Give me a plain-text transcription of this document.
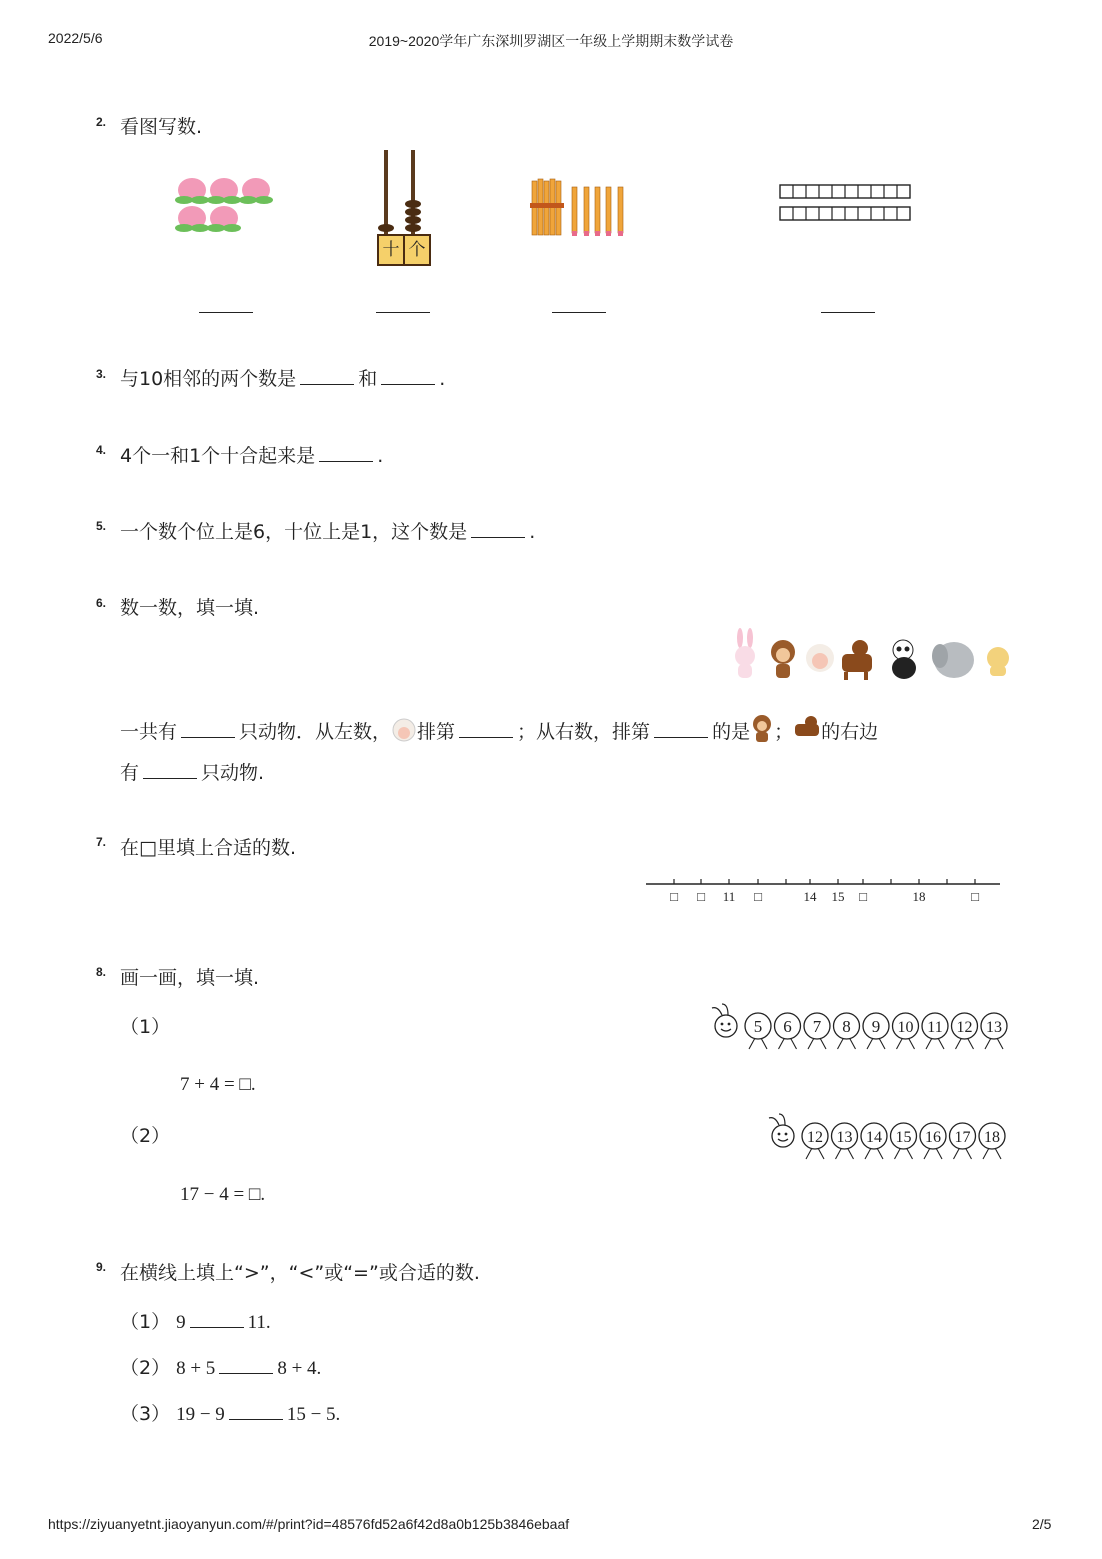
2022/5/6	2019~2020学年广东深圳罗湖区一年级上学期期末数学试卷
2. 看图写数.
十 个
3. 与10相邻的两个数是	和	.
4. 4个一和1个十合起来是	.
5. 一个数个位上是6，十位上是1，这个数是	.
6. 数一数，填一填.
一共有	只动物．从左数， 排第	；从右数，排第	的是 ； 的右边
有	只动物.
7. 在□里填上合适的数.
□ □ 11 □	14 15 □	18	□
8. 画一画，填一填.
（1）
7 + 4 = □.
（2）
17 − 4 = □.
5 6 7 8 9 10 11 12 13
12 13 14 15 16 17 18
9. 在横线上填上“>”，“<”或“=”或合适的数.
（1） 9	11.
（2） 8 + 5	8 + 4.
（3） 19 − 9	15 − 5.
https://ziyuanyetnt.jiaoyanyun.com/#/print?id=48576fd52a6f42d8a0b125b3846ebaaf	2/5
